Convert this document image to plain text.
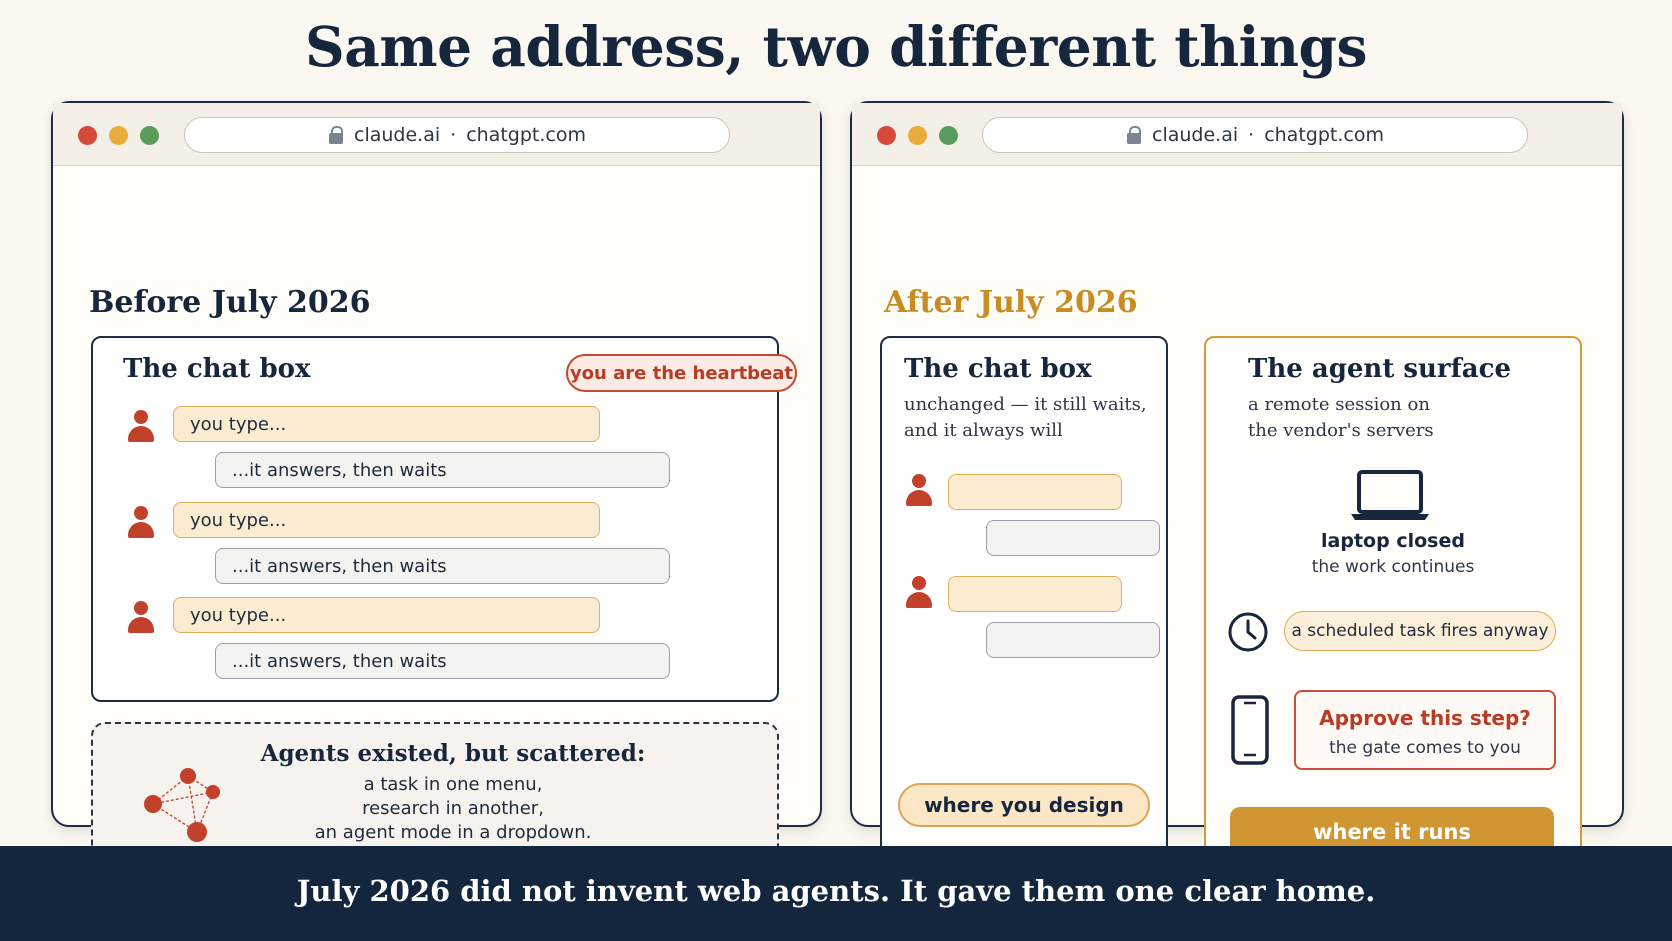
Same address, two different things
claude.ai · chatgpt.com
Before July 2026
The chat box	you are the heartbeat
you type...
...it answers, then waits
you type...
...it answers, then waits
you type...
...it answers, then waits
Agents existed, but scattered:
a task in one menu,
research in another,
an agent mode in a dropdown.
claude.ai · chatgpt.com
After July 2026
The chat box
unchanged — it still waits,
and it always will
where you design
The agent surface
a remote session on
the vendor's servers
laptop closed
the work continues
a scheduled task fires anyway
Approve this step?
the gate comes to you
where it runs
July 2026 did not invent web agents. It gave them one clear home.
